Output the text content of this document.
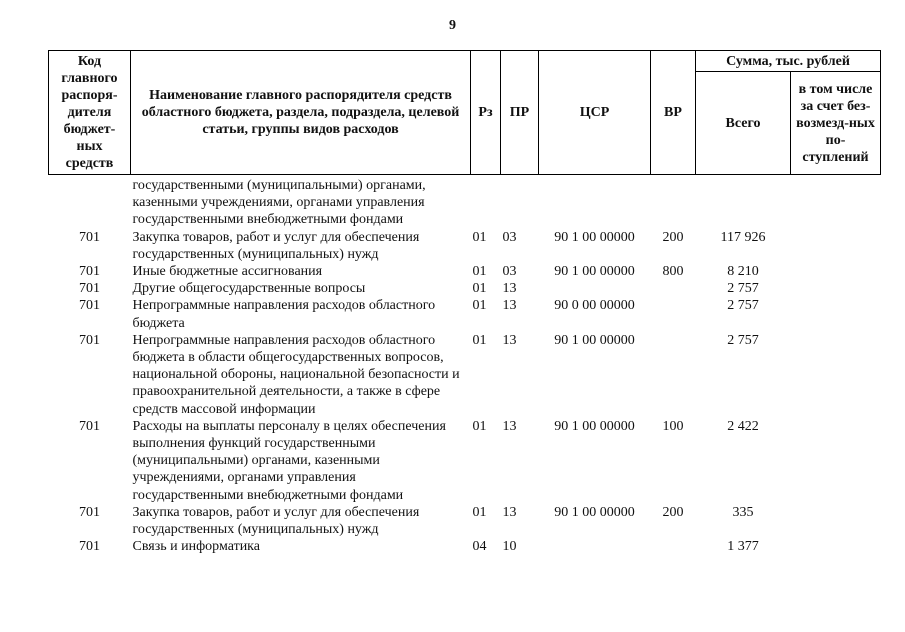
9
Код главного распоря-дителя бюджет-ных средств	Наименование главного распорядителя средств областного бюджета, раздела, подраздела, целевой статьи, группы видов расходов	Рз	ПР	ЦСР	ВР	Сумма, тыс. рублей	
						Всего	в том числе за счет без-возмезд-ных по-ступлений
	государственными (муниципальными) органами, казенными учреждениями, органами управления государственными внебюджетными фондами						
701	Закупка товаров, работ и услуг для обеспечения государственных (муниципальных) нужд	01	03	90 1 00 00000	200	117 926	
701	Иные бюджетные ассигнования	01	03	90 1 00 00000	800	8 210	
701	Другие общегосударственные вопросы	01	13			2 757	
701	Непрограммные направления расходов областного бюджета	01	13	90 0 00 00000		2 757	
701	Непрограммные направления расходов областного бюджета в области общегосударственных вопросов, национальной обороны, национальной безопасности и правоохранительной деятельности, а также в сфере средств массовой информации	01	13	90 1 00 00000		2 757	
701	Расходы на выплаты персоналу в целях обеспечения выполнения функций государственными (муниципальными) органами, казенными учреждениями, органами управления государственными внебюджетными фондами	01	13	90 1 00 00000	100	2 422	
701	Закупка товаров, работ и услуг для обеспечения государственных (муниципальных) нужд	01	13	90 1 00 00000	200	335	
701	Связь и информатика	04	10			1 377	
